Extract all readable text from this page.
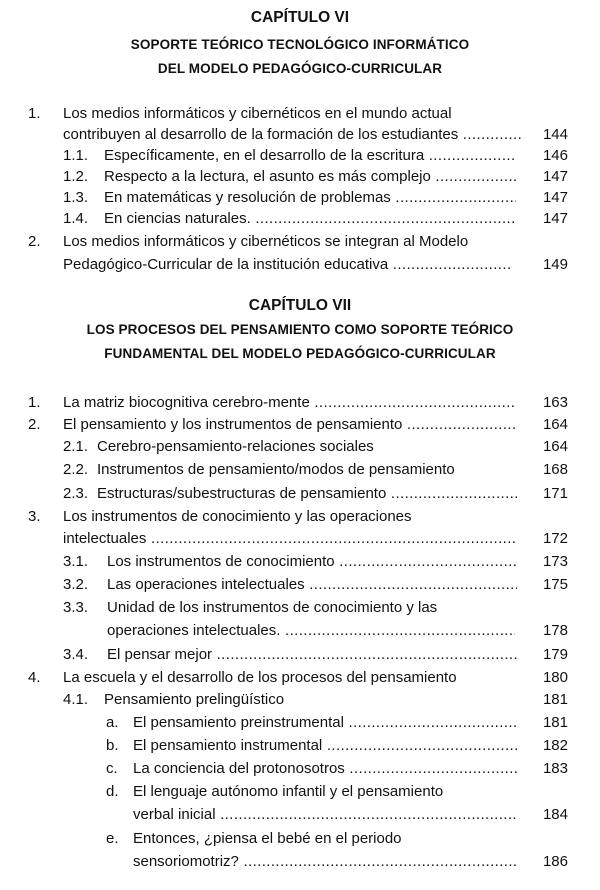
CAPÍTULO VI
SOPORTE TEÓRICO TECNOLÓGICO INFORMÁTICO
DEL MODELO PEDAGÓGICO-CURRICULAR
1. Los medios informáticos y cibernéticos en el mundo actual
contribuyen al desarrollo de la formación de los estudiantes .....	144
1.1. Específicamente, en el desarrollo de la escritura .....	146
1.2. Respecto a la lectura, el asunto es más complejo .....	147
1.3. En matemáticas y resolución de problemas .....	147
1.4. En ciencias naturales. .....	147
2. Los medios informáticos y cibernéticos se integran al Modelo
Pedagógico-Curricular de la institución educativa .....	149
CAPÍTULO VII
LOS PROCESOS DEL PENSAMIENTO COMO SOPORTE TEÓRICO
FUNDAMENTAL DEL MODELO PEDAGÓGICO-CURRICULAR
1. La matriz biocognitiva cerebro-mente .....	163
2. El pensamiento y los instrumentos de pensamiento .....	164
2.1. Cerebro-pensamiento-relaciones sociales	164
2.2. Instrumentos de pensamiento/modos de pensamiento	168
2.3. Estructuras/subestructuras de pensamiento .....	171
3. Los instrumentos de conocimiento y las operaciones
intelectuales .....	172
3.1. Los instrumentos de conocimiento .....	173
3.2. Las operaciones intelectuales .....	175
3.3. Unidad de los instrumentos de conocimiento y las
operaciones intelectuales. .....	178
3.4. El pensar mejor .....	179
4. La escuela y el desarrollo de los procesos del pensamiento	180
4.1. Pensamiento prelingüístico	181
a. El pensamiento preinstrumental .....	181
b. El pensamiento instrumental .....	182
c. La conciencia del protonosotros .....	183
d. El lenguaje autónomo infantil y el pensamiento
verbal inicial .....	184
e. Entonces, ¿piensa el bebé en el periodo
sensoriomotriz? .....	186
